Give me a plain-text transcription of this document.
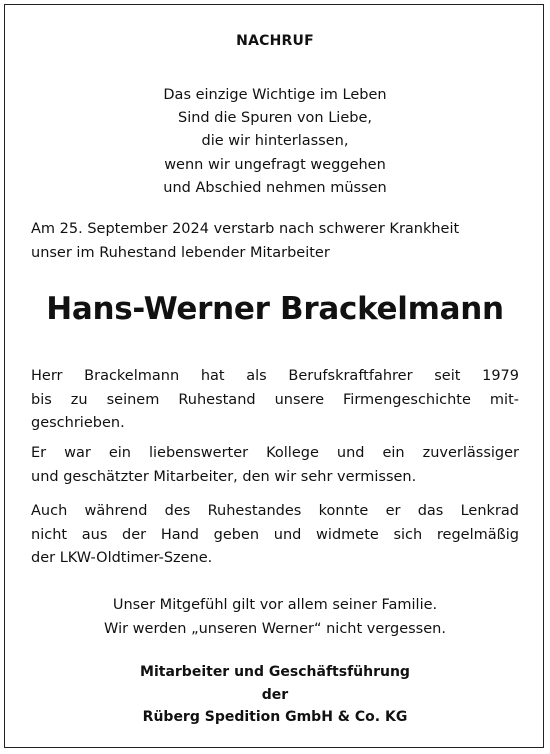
NACHRUF
Das einzige Wichtige im Leben
Sind die Spuren von Liebe,
die wir hinterlassen,
wenn wir ungefragt weggehen
und Abschied nehmen müssen
Am 25. September 2024 verstarb nach schwerer Krankheit
unser im Ruhestand lebender Mitarbeiter
Hans-Werner Brackelmann
Herr Brackelmann hat als Berufskraftfahrer seit 1979
bis zu seinem Ruhestand unsere Firmengeschichte mit-
geschrieben.
Er war ein liebenswerter Kollege und ein zuverlässiger
und geschätzter Mitarbeiter, den wir sehr vermissen.
Auch während des Ruhestandes konnte er das Lenkrad
nicht aus der Hand geben und widmete sich regelmäßig
der LKW-Oldtimer-Szene.
Unser Mitgefühl gilt vor allem seiner Familie.
Wir werden „unseren Werner“ nicht vergessen.
Mitarbeiter und Geschäftsführung
der
Rüberg Spedition GmbH & Co. KG
